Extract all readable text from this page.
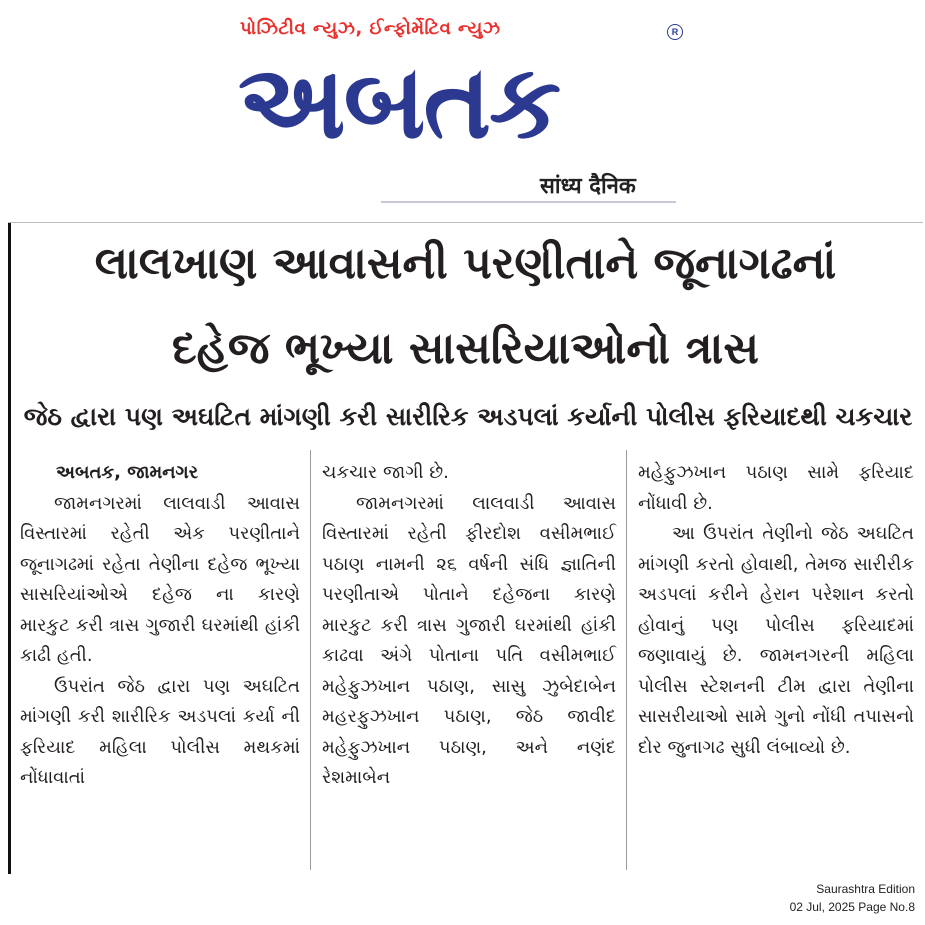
પોઝિટીવ ન્યુઝ, ઈન્ફોર્મેટિવ ન્યુઝ	R
અબતક
सांध्य दैनिक
લાલખાણ આવાસની પરણીતાને જૂનાગઢનાં
દહેજ ભૂખ્યા સાસરિયાઓનો ત્રાસ
જેઠ દ્વારા પણ અઘટિત માંગણી કરી સારીરિક અડપલાં કર્યાની પોલીસ ફરિયાદથી ચકચાર

અબતક, જામનગર

જામનગરમાં લાલવાડી આવાસ વિસ્તારમાં રહેતી એક પરણીતાને જૂનાગઢમાં રહેતા તેણીના દહેજ ભૂખ્યા સાસરિયાંઓએ દહેજ ના કારણે મારકુટ કરી ત્રાસ ગુજારી ઘરમાંથી હાંકી કાઢી હતી.

ઉપરાંત જેઠ દ્વારા પણ અઘટિત માંગણી કરી શારીરિક અડપલાં કર્યા ની ફરિયાદ મહિલા પોલીસ મથકમાં નોંધાવાતાં

ચકચાર જાગી છે.

જામનગરમાં લાલવાડી આવાસ વિસ્તારમાં રહેતી ફીરદોશ વસીમભાઈ પઠાણ નામની ૨૬ વર્ષની સંધિ જ્ઞાતિની પરણીતાએ પોતાને દહેજના કારણે મારકુટ કરી ત્રાસ ગુજારી ઘરમાંથી હાંકી કાઢવા અંગે પોતાના પતિ વસીમભાઈ મહેફુઝખાન પઠાણ, સાસુ ઝુબેદાબેન મહરફુઝખાન પઠાણ, જેઠ જાવીદ મહેફુઝખાન પઠાણ, અને નણંદ રેશમાબેન

મહેફુઝખાન પઠાણ સામે ફરિયાદ નોંધાવી છે.

આ ઉપરાંત તેણીનો જેઠ અઘટિત માંગણી કરતો હોવાથી, તેમજ સારીરીક અડપલાં કરીને હેરાન પરેશાન કરતો હોવાનું પણ પોલીસ ફરિયાદમાં જણાવાયું છે. જામનગરની મહિલા પોલીસ સ્ટેશનની ટીમ દ્વારા તેણીના સાસરીયાઓ સામે ગુનો નોંધી તપાસનો દોર જુનાગઢ સુધી લંબાવ્યો છે.

Saurashtra Edition
02 Jul, 2025 Page No.8
